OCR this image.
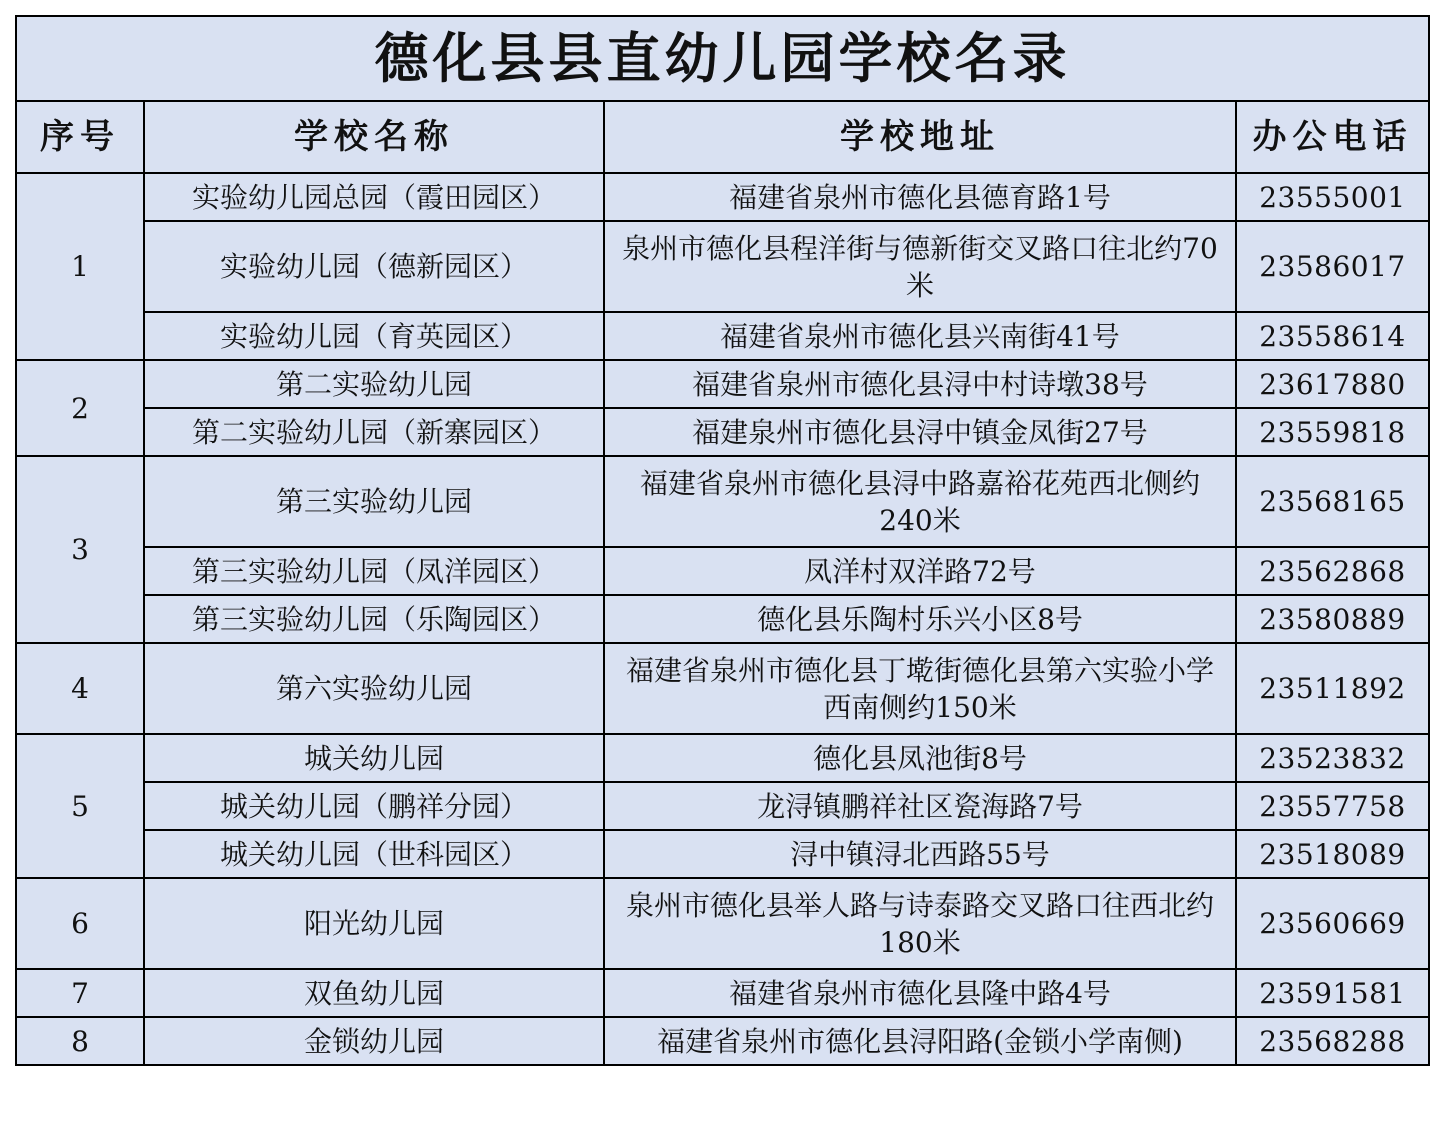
德化县县直幼儿园学校名录			
序号	学校名称	学校地址	办公电话
1	实验幼儿园总园（霞田园区）	福建省泉州市德化县德育路1号	23555001
	实验幼儿园（德新园区）	泉州市德化县程洋街与德新街交叉路口往北约70米	23586017
	实验幼儿园（育英园区）	福建省泉州市德化县兴南街41号	23558614
2	第二实验幼儿园	福建省泉州市德化县浔中村诗墩38号	23617880
	第二实验幼儿园（新寨园区）	福建泉州市德化县浔中镇金凤街27号	23559818
3	第三实验幼儿园	福建省泉州市德化县浔中路嘉裕花苑西北侧约240米	23568165
	第三实验幼儿园（凤洋园区）	凤洋村双洋路72号	23562868
	第三实验幼儿园（乐陶园区）	德化县乐陶村乐兴小区8号	23580889
4	第六实验幼儿园	福建省泉州市德化县丁墘街德化县第六实验小学西南侧约150米	23511892
5	城关幼儿园	德化县凤池街8号	23523832
	城关幼儿园（鹏祥分园）	龙浔镇鹏祥社区瓷海路7号	23557758
	城关幼儿园（世科园区）	浔中镇浔北西路55号	23518089
6	阳光幼儿园	泉州市德化县举人路与诗泰路交叉路口往西北约180米	23560669
7	双鱼幼儿园	福建省泉州市德化县隆中路4号	23591581
8	金锁幼儿园	福建省泉州市德化县浔阳路(金锁小学南侧)	23568288
